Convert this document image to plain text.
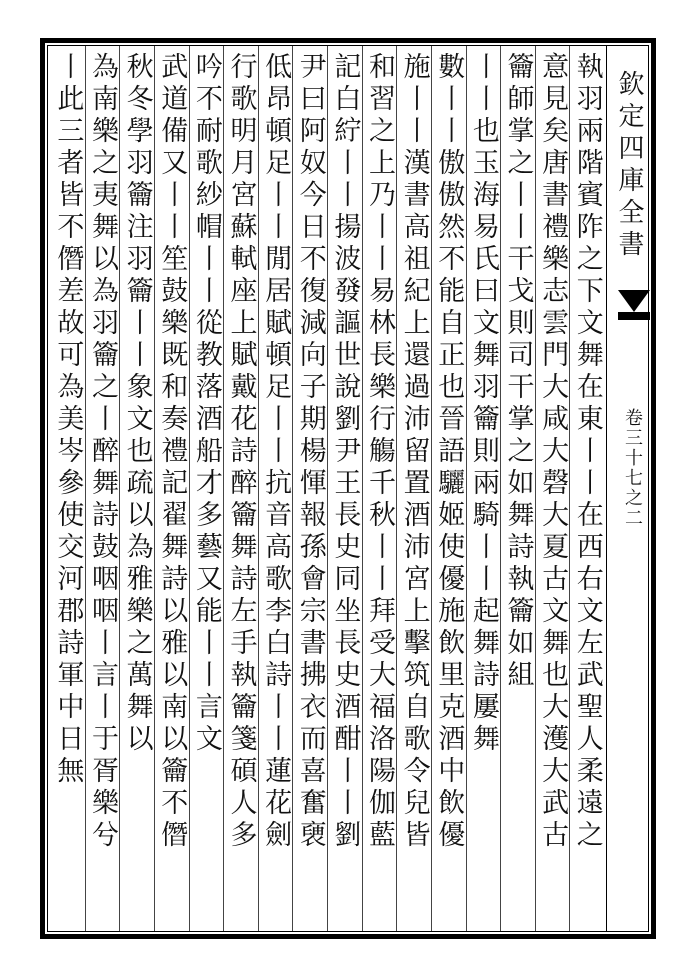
欽定四庫全書
卷三十七之二
執羽兩階賓阼之下文舞在東丨丨在西右文左武聖人柔遠之
意見矣唐書禮樂志雲門大咸大磬大夏古文舞也大濩大武古
籥師掌之丨丨干戈則司干掌之如舞詩執籥如組
丨丨也玉海易氏曰文舞羽籥則兩騎丨丨起舞詩屢舞
數丨丨傲傲然不能自正也晉語驪姬使優施飲里克酒中飲優
施丨丨漢書高祖紀上還過沛留置酒沛宮上擊筑自歌令兒皆
和習之上乃丨丨易林長樂行觴千秋丨丨拜受大福洛陽伽藍
記白紵丨丨揚波發謳世說劉尹王長史同坐長史酒酣丨丨劉
尹曰阿奴今日不復減向子期楊惲報孫會宗書拂衣而喜奮褏
低昂頓足丨丨閒居賦頓足丨丨抗音高歌李白詩丨丨蓮花劍
行歌明月宮蘇軾座上賦戴花詩醉籥舞詩左手執籥箋碩人多
吟不耐歌紗帽丨丨從教落酒船才多藝又能丨丨言文
武道備又丨丨笙鼓樂既和奏禮記翟舞詩以雅以南以籥不僭
秋冬學羽籥注羽籥丨丨象文也疏以為雅樂之萬舞以
為南樂之夷舞以為羽籥之丨醉舞詩鼓咽咽丨言丨于胥樂兮
丨此三者皆不僭差故可為美岑參使交河郡詩軍中日無
